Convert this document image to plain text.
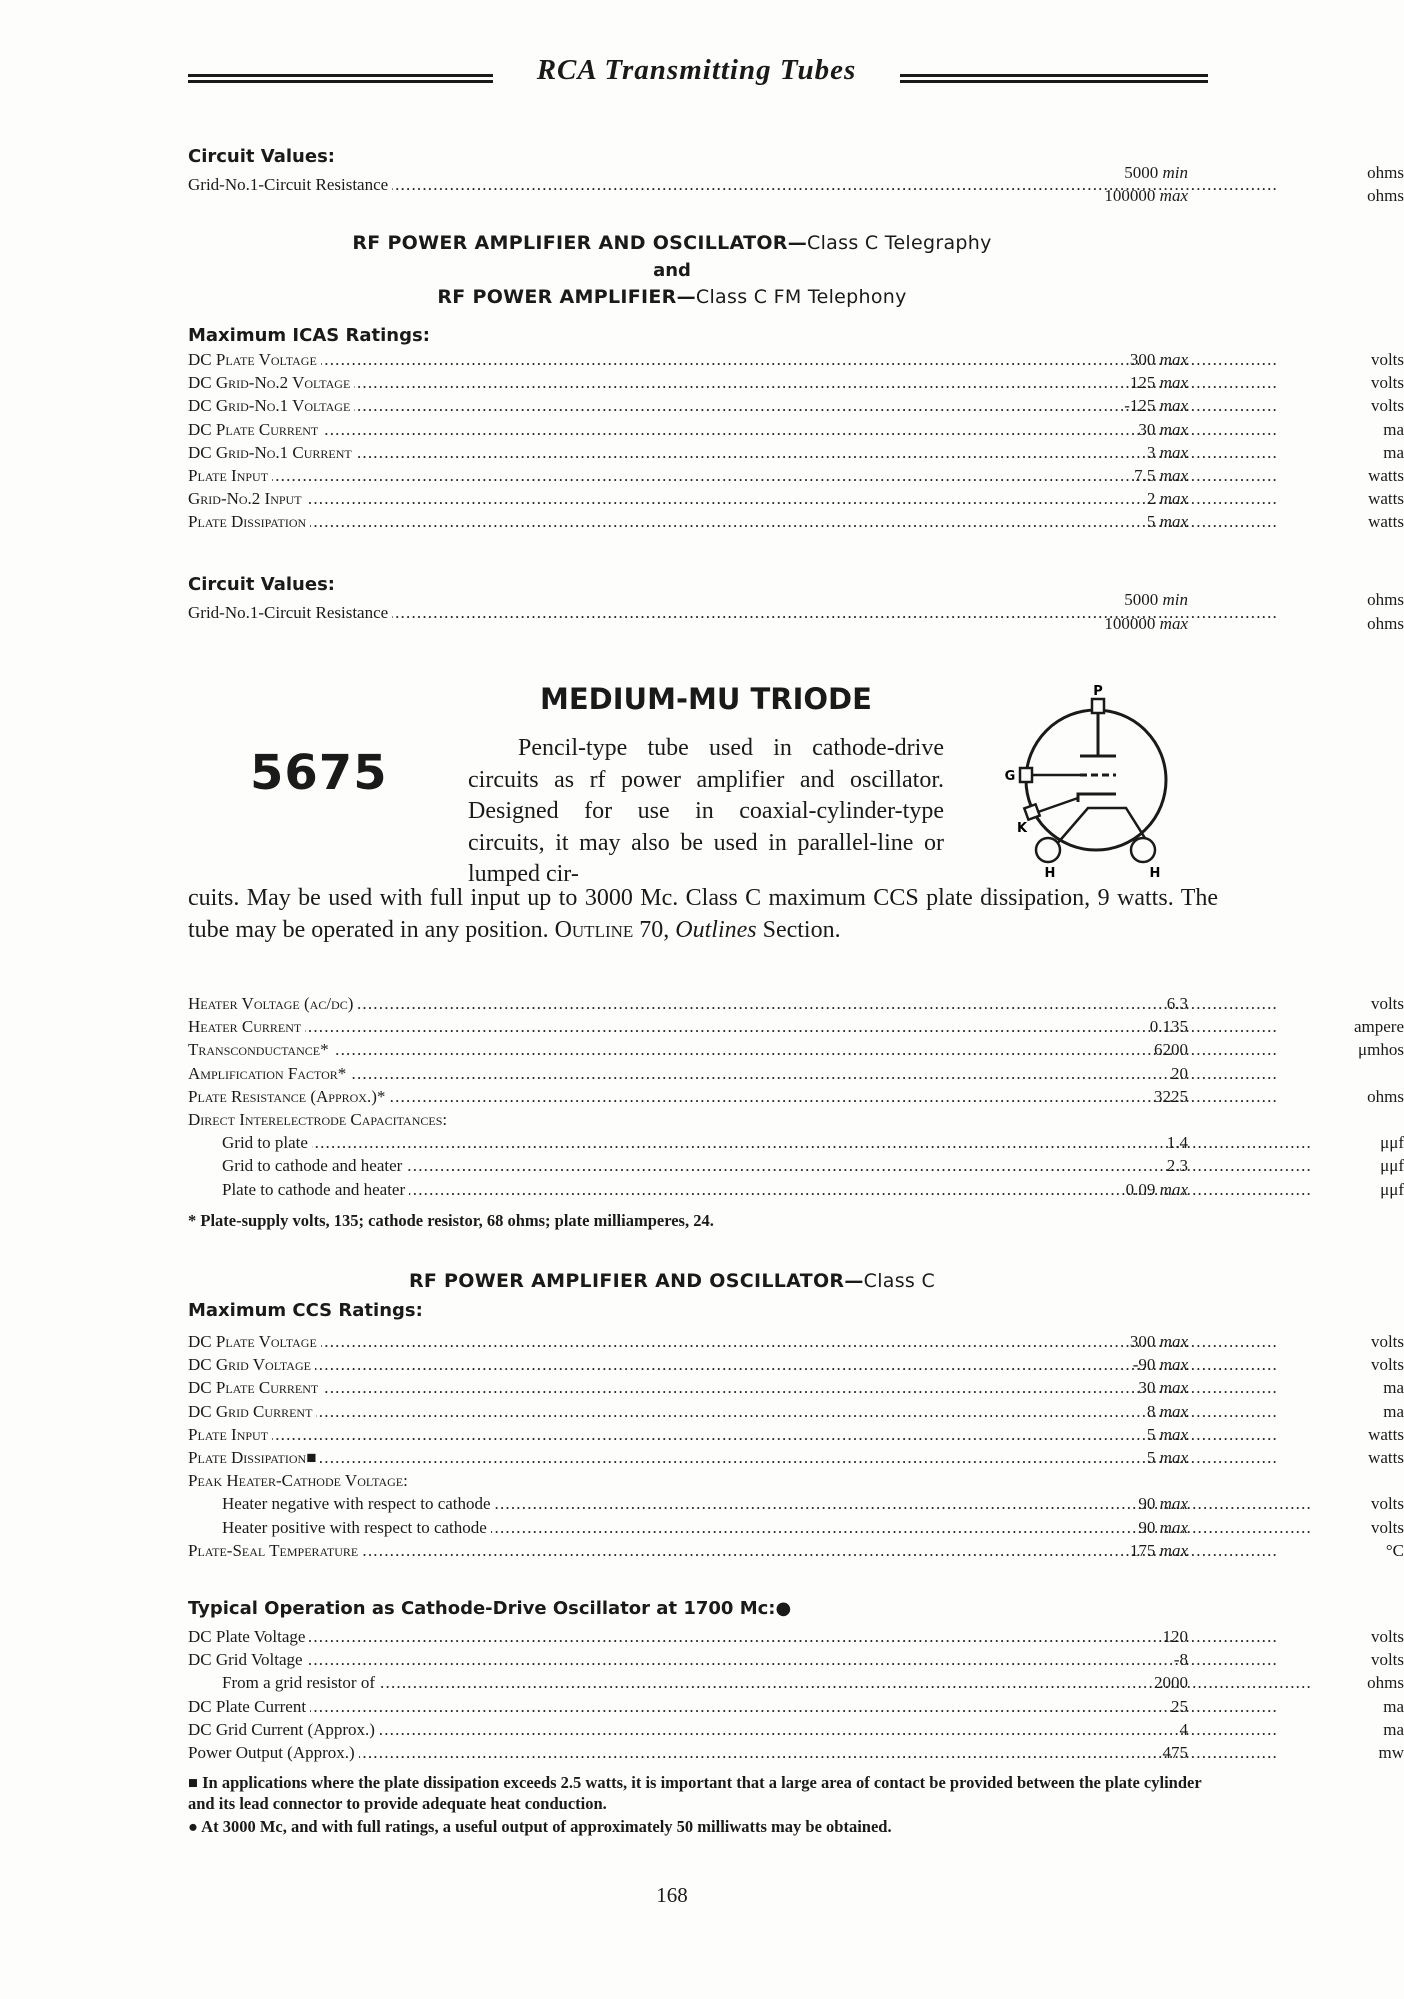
RCA Transmitting Tubes
Circuit Values:
Grid-No.1-Circuit Resistance .....
5000 min	ohms
100000 max	ohms
RF POWER AMPLIFIER AND OSCILLATOR—Class C Telegraphy
and
RF POWER AMPLIFIER—Class C FM Telephony
Maximum ICAS Ratings:
DC Plate Voltage .....	300 max	volts
DC Grid-No.2 Voltage .....	125 max	volts
DC Grid-No.1 Voltage .....	-125 max	volts
DC Plate Current .....	30 max	ma
DC Grid-No.1 Current .....	3 max	ma
Plate Input .....	7.5 max	watts
Grid-No.2 Input .....	2 max	watts
Plate Dissipation .....	5 max	watts
Circuit Values:
Grid-No.1-Circuit Resistance .....
5000 min	ohms
100000 max	ohms
MEDIUM-MU TRIODE
5675	Pencil-type tube used in cathode-drive circuits as rf power amplifier and oscillator. Designed for use in coaxial-cylinder-type circuits, it may also be used in parallel-line or lumped cir-

cuits. May be used with full input up to 3000 Mc. Class C maximum CCS plate dissipation, 9 watts. The tube may be operated in any position. Outline 70, Outlines Section.

P
G
K
H	H
Heater Voltage (ac/dc) .....	6.3	volts
Heater Current .....	0.135	ampere
Transconductance* .....	6200	μmhos
Amplification Factor* .....	20
Plate Resistance (Approx.)* .....	3225	ohms
Direct Interelectrode Capacitances:
Grid to plate .....	1.4	μμf
Grid to cathode and heater .....	2.3	μμf
Plate to cathode and heater .....	0.09 max	μμf
* Plate-supply volts, 135; cathode resistor, 68 ohms; plate milliamperes, 24.
RF POWER AMPLIFIER AND OSCILLATOR—Class C
Maximum CCS Ratings:
DC Plate Voltage .....	300 max	volts
DC Grid Voltage .....	-90 max	volts
DC Plate Current .....	30 max	ma
DC Grid Current .....	8 max	ma
Plate Input .....	5 max	watts
Plate Dissipation■ .....	5 max	watts
Peak Heater-Cathode Voltage:
Heater negative with respect to cathode .....	90 max	volts
Heater positive with respect to cathode .....	90 max	volts
Plate-Seal Temperature .....	175 max	°C
Typical Operation as Cathode-Drive Oscillator at 1700 Mc:●
DC Plate Voltage .....	120	volts
DC Grid Voltage .....	-8	volts
From a grid resistor of .....	2000	ohms
DC Plate Current .....	25	ma
DC Grid Current (Approx.) .....	4	ma
Power Output (Approx.) .....	475	mw
■ In applications where the plate dissipation exceeds 2.5 watts, it is important that a large area of contact be provided between the plate cylinder and its lead connector to provide adequate heat conduction.
● At 3000 Mc, and with full ratings, a useful output of approximately 50 milliwatts may be obtained.
168
